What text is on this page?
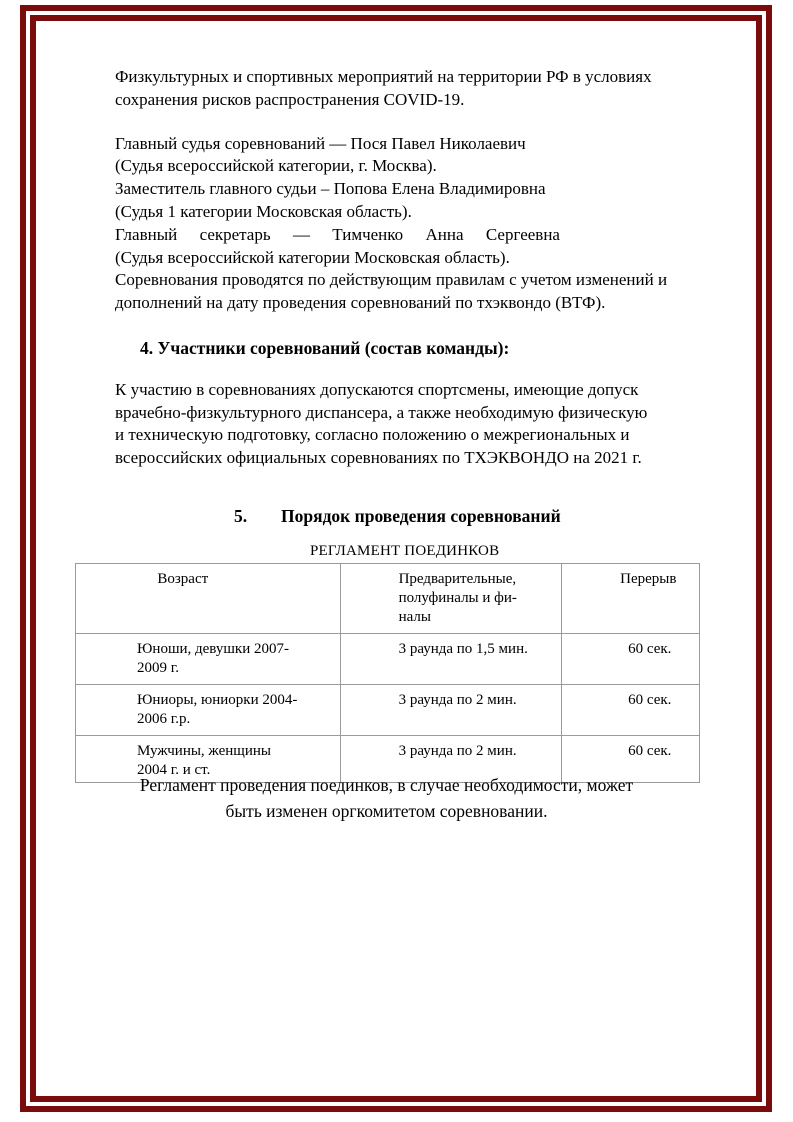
Физкультурных и спортивных мероприятий на территории РФ в условиях
сохранения рисков распространения COVID-19.
Главный судья соревнований — Пося Павел Николаевич
(Судья всероссийской категории, г. Москва).
Заместитель главного судьи – Попова Елена Владимировна
(Судья 1 категории Московская область).
Главный секретарь — Тимченко Анна Сергеевна
(Судья всероссийской категории Московская область).
Соревнования проводятся по действующим правилам с учетом изменений и
дополнений на дату проведения соревнований по тхэквондо (ВТФ).
4. Участники соревнований (состав команды):
К участию в соревнованиях допускаются спортсмены, имеющие допуск
врачебно-физкультурного диспансера, а также необходимую физическую
и техническую подготовку, согласно положению о межрегиональных и
всероссийских официальных соревнованиях по ТХЭКВОНДО на 2021 г.
5. Порядок проведения соревнований
РЕГЛАМЕНТ ПОЕДИНКОВ
Возраст	Предварительные,
полуфиналы и фи-
налы	Перерыв

Юноши, девушки 2007-
2009 г.	3 раунда по 1,5 мин.	60 сек.

Юниоры, юниорки 2004-
2006 г.р.	3 раунда по 2 мин.	60 сек.

Мужчины, женщины
2004 г. и ст.	3 раунда по 2 мин.	60 сек.
Регламент проведения поединков, в случае необходимости, может
быть изменен оргкомитетом соревновании.
